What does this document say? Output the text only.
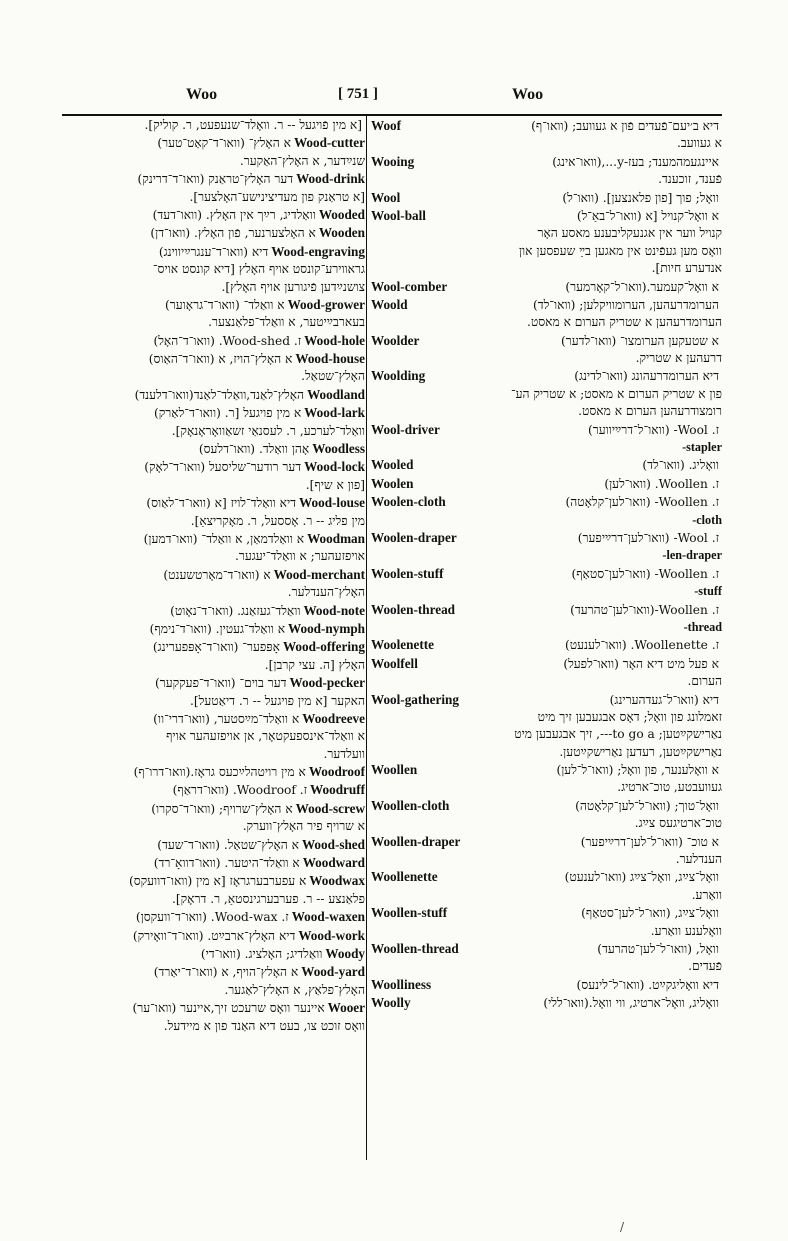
Woo	[ 751 ]	Woo
[א מין פֿויגעל -- ר. וואָלד־שנעפעט, ר. קוליק].
Wood-cutter
א האָלץ־ (וואו־ד־קאַט־טער)
שנײַדער, א האָלץ־האַקער.
Wood-drink
דער האָלץ־טראַנק (וואו־ד־דרינק)
[א טראַנק פון מעדיצינישע־האָלצער].
Wooded
וואַלדיג, רײַך אין האָלץ. (וואו־דעד)
Wooden
א האָלצערנער, פֿון האָלץ. (וואו־דן)
Wood-engraving
דיא (וואו־ד־ענגרײַיווינג)
גראווירע־קונסט אויף האָלץ [דיא קונסט אויס־
צושנײַדען פֿיגורען אויף האָלץ].
Wood-grower
א וואַלד־ (וואו־ד־גראָוער)
בעארבײַיטער, א וואַלד־פלאַנצער.
Wood-hole
ז. Wood-shed. (וואו־ד־האָל)
Wood-house
א האָלץ־הויז, א (וואו־ד־האַוס)
האָלץ־שטאַל.
Woodland
האָלץ־לאַנד,וואַלד־לאַנד(וואו־דלענד)
Wood-lark
א מין פויגעל [ר. (וואו־ד־לאַרק)
וואַלד־לערכע, ר. לעסנאַי זשאַוואָראָנאָק].
Woodless
אָהן וואַלד. (וואו־דלעס)
Wood-lock
דער רודער־שליסעל (וואו־ד־לאָק)
[פון א שיף].
Wood-louse
דיא וואַלד־לויז [א (וואו־ד־לאַוס)
מין פליג -- ר. אָססעל, ר. מאָקריצאַ].
Woodman
א וואַלדמאַן, א וואַלד־ (וואו־דמען)
אויפזעהער; א וואַלד־יעגער.
Wood-merchant
א (וואו־ד־מאָרטשענט)
האָלץ־הענדלער.
Wood-note
וואַלד־געזאַנג. (וואו־ד־נאָוט)
Wood-nymph
א וואַלד־געטין. (וואו־ד־נימף)
Wood-offering
אָפּפער־ (וואו־ד־אָפּפערינג)
האָלץ [ה. עצי קרבן].
Wood-pecker
דער בוים־ (וואו־ד־פעקקער)
האקער [א מין פויגעל -- ר. דיאַטעל].
Woodreeve
א וואַלד־מײַסטער, (וואו־דרי־וו)
א וואַלד־אינספעקטאָר, אן אויפזעהער אויף
וועלדער.
Woodroof
א מין רויטהלײַכעס גראָז.(וואו־דרו־ף)
Woodruff
ז. Woodroof. (וואו־דראַף)
Wood-screw
א האָלץ־שרויף; (וואו־ד־סקרו)
א שרויף פיר האָלץ־ווערק.
Wood-shed
א האָלץ־שטאַל. (וואו־ד־שעד)
Woodward
א וואַלד־היטער. (וואו־דוואָ־רד)
Woodwax
א עפערבערגראָז [א מין (וואו־דוועקס)
פלאַנצע -- ר. פערבערגינסטאַ, ר. דראָק].
Wood-waxen
ז. Wood-wax. (וואו־ד־וועקסן)
Wood-work
דיא האָלץ־ארבײַט. (וואו־ד־וואָירק)
Woody
וואַלדיג; האָלציג. (וואו־די)
Wood-yard
א האָלץ־הויף, א (וואו־ד־יאַרד)
האָלץ־פלאַץ, א האָלץ־לאַגער.
Wooer
איינער וואָס שרעכט זיך,איינער (וואו־ער)
וואָס זוכט צו, בעט דיא האַנד פון א מיידעל.
Woof	דיא ב׳יעם־פֿעדים פֿון א געוועב; (וואו־ף)
א געוועב.
Wooing	איינגעמהמענד; בעז-y...,(וואו־אינג)
פֿענד, זוכענד.
Wool	וואָל; פוך [פון פלאנצען]. (וואו־ל)
Wool-ball	א וואָל־קנויל [א (וואו־ל־באַ־ל)
קנויל ווער אין אגנעקליבענע מאסע האָר
וואָס מען געפֿינט אין מאגען בײַ שעפסען און
אנדערע חיות].
Wool-comber	א וואָל־קעמער.(וואו־ל־קאָרמער)
Woold	הערומדרעהען, הערומוויקלען; (וואו־לד)
הערומדרעהען א שטריק הערום א מאסט.
Woolder	א שטעקען הערומצו־ (וואו־לדער)
דרעהען א שטריק.
Woolding	דיא הערומדרעהונג (וואו־לדינג)
פון א שטריק הערום א מאסט; א שטריק הע־
רומצודרעהען הערום א מאסט.
Wool-driver	ז. Wool- (וואו־ל־דרײַיווער)
-stapler
Wooled	וואָליג. (וואו־לד)
Woolen	ז. Woollen. (וואו־לען)
Woolen-cloth	ז. Woollen- (וואו־לען־קלאָטה)
-cloth
Woolen-draper	ז. Wool- (וואו־לען־דרײַיפער)
-len-draper
Woolen-stuff	ז. Woollen- (וואו־לען־סטאַף)
-stuff
Woolen-thread	ז. Woollen-(וואו־לען־טהרעד)
-thread
Woolenette	ז. Woollenette. (וואו־לענעט)
Woolfell	א פעל מיט דיא האָר (וואו־לפעל)
הערום.
Wool-gathering	דיא (וואו־ל־געדהערינג)
זאמלונג פון וואָל; דאָס אבגעבען זיך מיט
נאַרישקײַטען; to go a---, זיך אבגעבען מיט
נאַרישקײַטען, רעדען נאַרישקײַטען.
Woollen	א וואָלענער, פון וואָל; (וואו־ל־לען)
געוועבטע, טוכ־ארטיג.
Woollen-cloth	וואָל־טוך; (וואו־ל־לען־קלאָטה)
טוכ־ארטיגעס צײַג.
Woollen-draper	א טוכ־ (וואו־ל־לען־דרײַיפער)
הענדלער.
Woollenette	וואָל־צײַג, וואָל־צײַג (וואו־לענעט)
וואַרע.
Woollen-stuff	וואָל־צײַג, (וואו־ל־לען־סטאַף)
וואָלענע וואַרע.
Woollen-thread	וואָל, (וואו־ל־לען־טהרעד)
פֿעדים.
Woolliness	דיא וואָליגקײַט. (וואו־ל־לינעס)
Woolly	וואָליג, וואָל־ארטיג, ווי וואָל.(וואו־ללי)
/
